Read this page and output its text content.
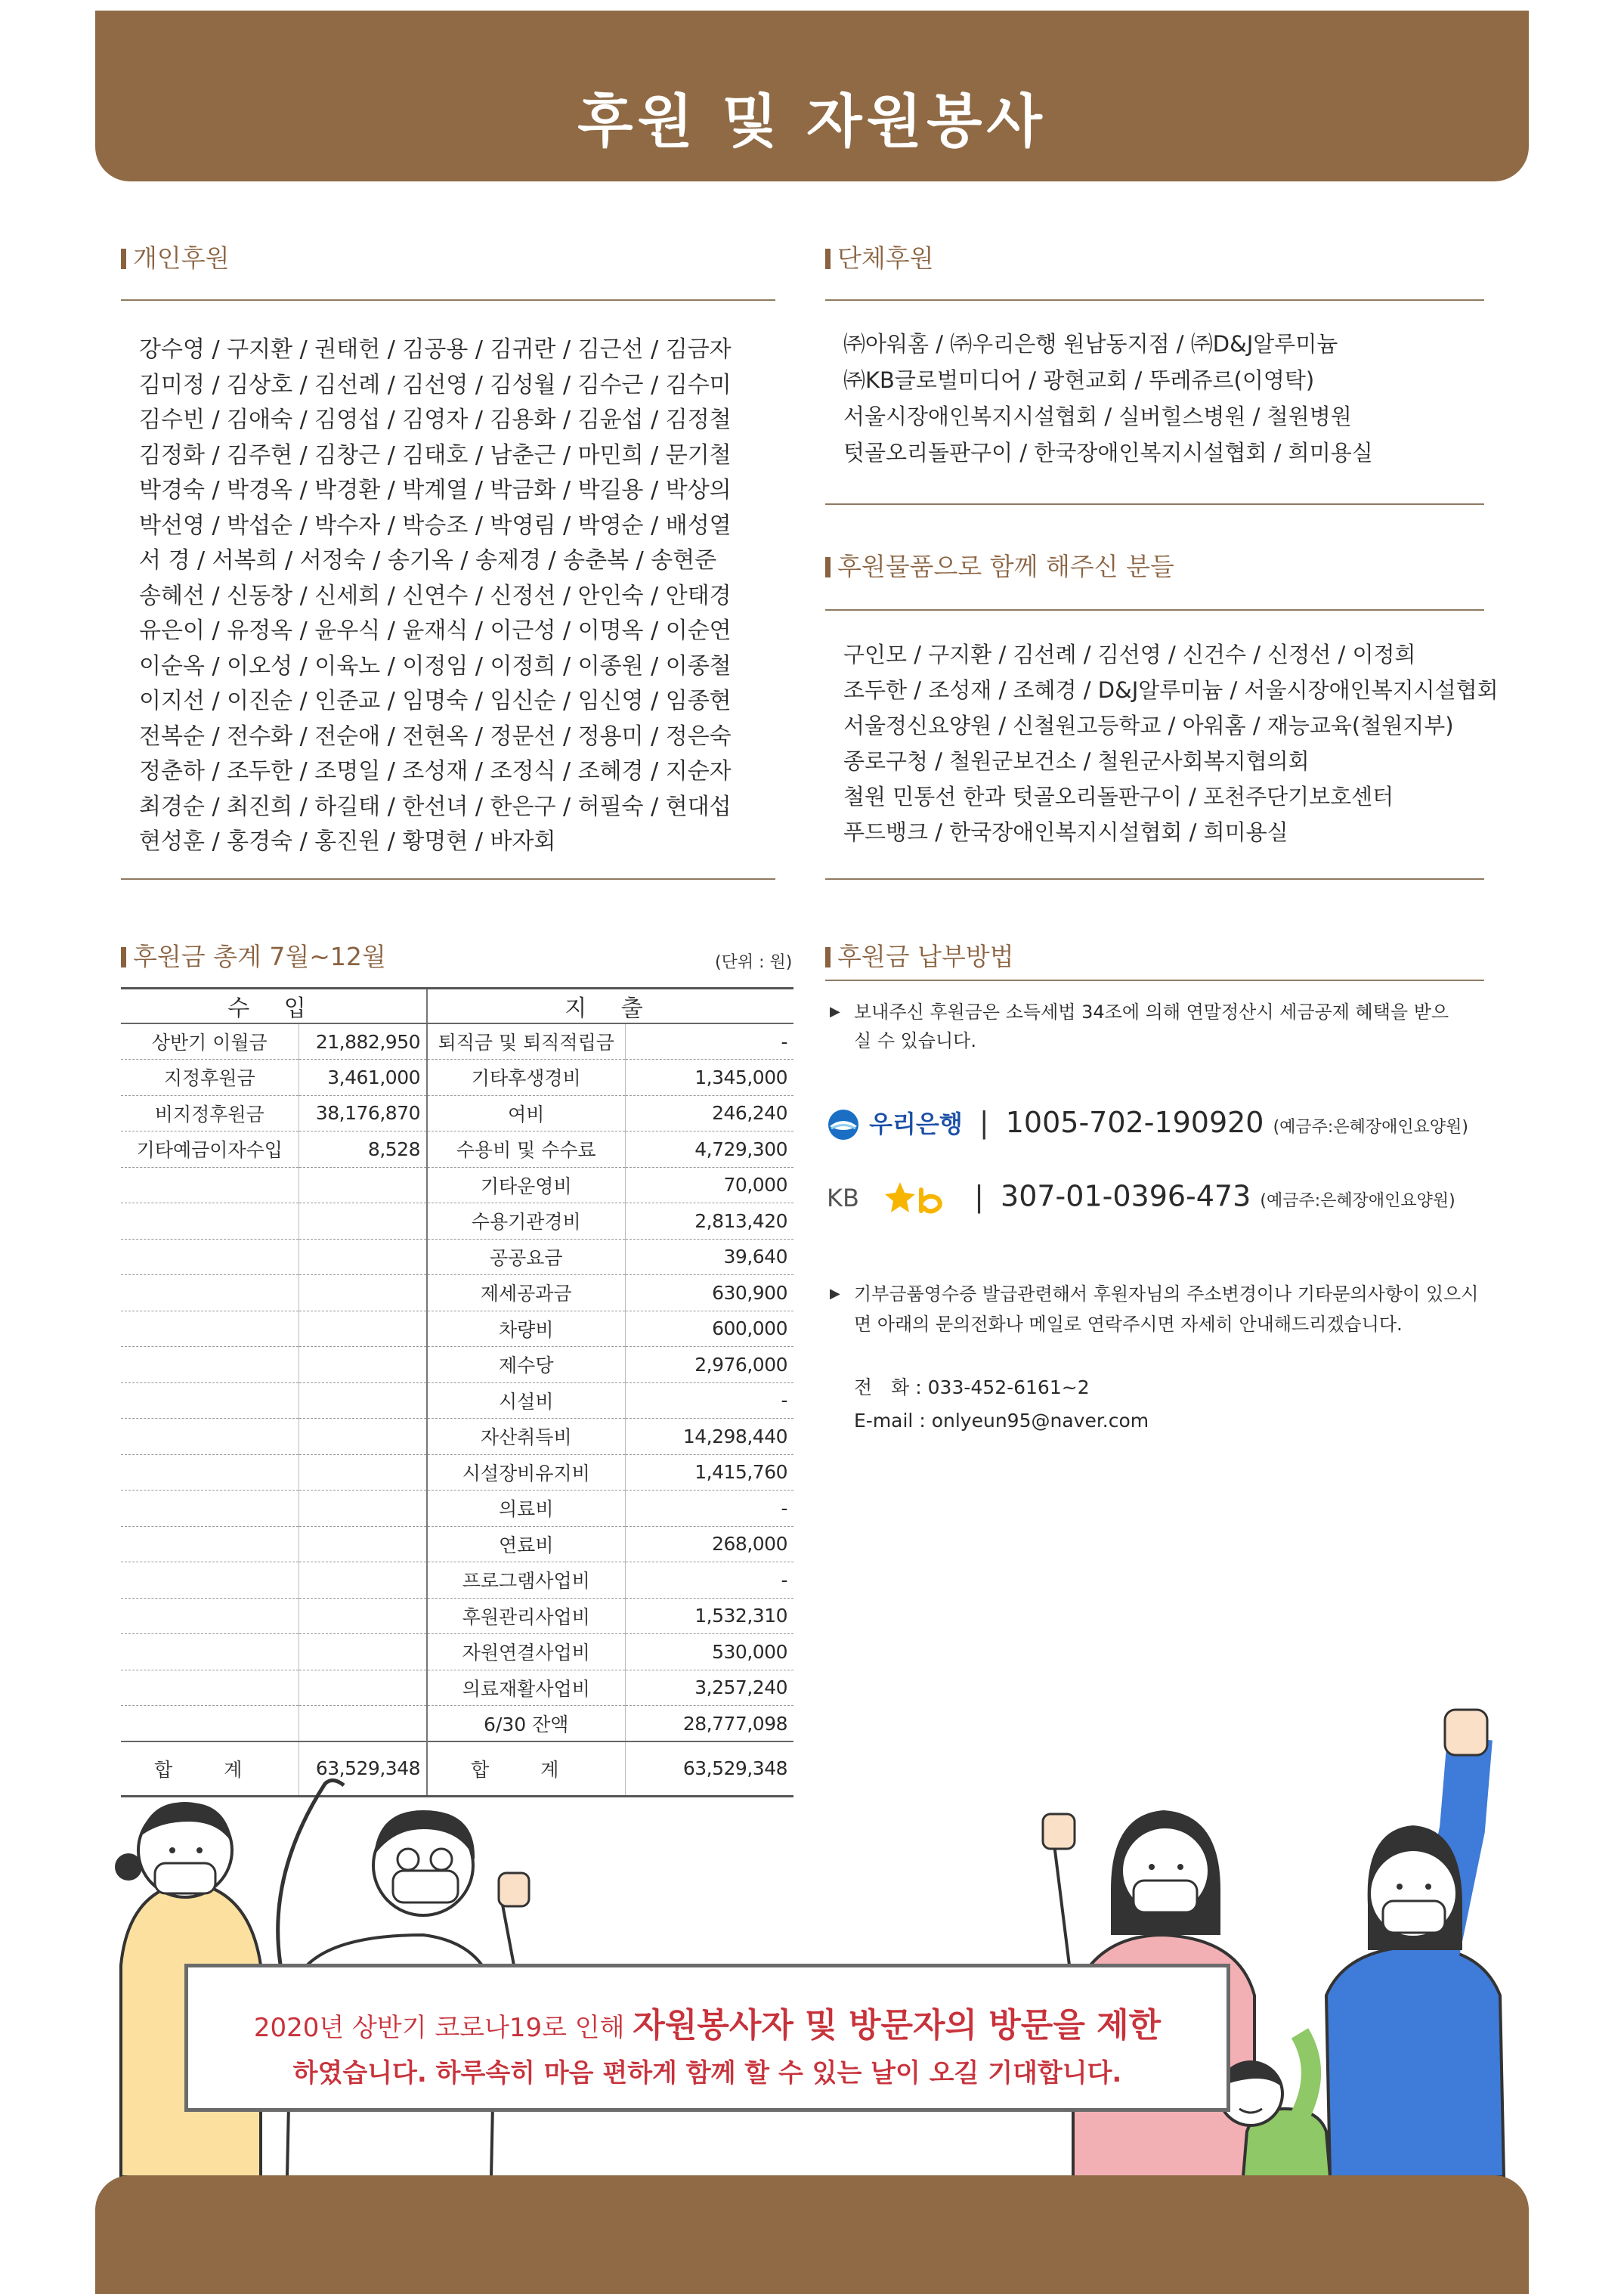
후원 및 자원봉사
개인후원
강수영 / 구지환 / 권태헌 / 김공용 / 김귀란 / 김근선 / 김금자
김미정 / 김상호 / 김선례 / 김선영 / 김성월 / 김수근 / 김수미
김수빈 / 김애숙 / 김영섭 / 김영자 / 김용화 / 김윤섭 / 김정철
김정화 / 김주현 / 김창근 / 김태호 / 남춘근 / 마민희 / 문기철
박경숙 / 박경옥 / 박경환 / 박계열 / 박금화 / 박길용 / 박상의
박선영 / 박섭순 / 박수자 / 박승조 / 박영림 / 박영순 / 배성열
서 경 / 서복희 / 서정숙 / 송기옥 / 송제경 / 송춘복 / 송현준
송혜선 / 신동창 / 신세희 / 신연수 / 신정선 / 안인숙 / 안태경
유은이 / 유정옥 / 윤우식 / 윤재식 / 이근성 / 이명옥 / 이순연
이순옥 / 이오성 / 이육노 / 이정임 / 이정희 / 이종원 / 이종철
이지선 / 이진순 / 인준교 / 임명숙 / 임신순 / 임신영 / 임종현
전복순 / 전수화 / 전순애 / 전현옥 / 정문선 / 정용미 / 정은숙
정춘하 / 조두한 / 조명일 / 조성재 / 조정식 / 조혜경 / 지순자
최경순 / 최진희 / 하길태 / 한선녀 / 한은구 / 허필숙 / 현대섭
현성훈 / 홍경숙 / 홍진원 / 황명현 / 바자회
단체후원
㈜아워홈 / ㈜우리은행 원남동지점 / ㈜D&J알루미늄
㈜KB글로벌미디어 / 광현교회 / 뚜레쥬르(이영탁)
서울시장애인복지시설협회 / 실버힐스병원 / 철원병원
텃골오리돌판구이 / 한국장애인복지시설협회 / 희미용실
후원물품으로 함께 해주신 분들
구인모 / 구지환 / 김선례 / 김선영 / 신건수 / 신정선 / 이정희
조두한 / 조성재 / 조혜경 / D&J알루미늄 / 서울시장애인복지시설협회
서울정신요양원 / 신철원고등학교 / 아워홈 / 재능교육(철원지부)
종로구청 / 철원군보건소 / 철원군사회복지협의회
철원 민통선 한과 텃골오리돌판구이 / 포천주단기보호센터
푸드뱅크 / 한국장애인복지시설협회 / 희미용실
후원금 총계 7월~12월	(단위 : 원)
수 입		지 출	
상반기 이월금	21,882,950	퇴직금 및 퇴직적립금	-
지정후원금	3,461,000	기타후생경비	1,345,000
비지정후원금	38,176,870	여비	246,240
기타예금이자수입	8,528	수용비 및 수수료	4,729,300
		기타운영비	70,000
		수용기관경비	2,813,420
		공공요금	39,640
		제세공과금	630,900
		차량비	600,000
		제수당	2,976,000
		시설비	-
		자산취득비	14,298,440
		시설장비유지비	1,415,760
		의료비	-
		연료비	268,000
		프로그램사업비	-
		후원관리사업비	1,532,310
		자원연결사업비	530,000
		의료재활사업비	3,257,240
		6/30 잔액	28,777,098
합 계	63,529,348	합 계	63,529,348
후원금 납부방법
▶ 보내주신 후원금은 소득세법 34조에 의해 연말정산시 세금공제 혜택을 받으실 수 있습니다.
우리은행 | 1005-702-190920 (예금주:은혜장애인요양원)
KB	| 307-01-0396-473 (예금주:은혜장애인요양원)
▶ 기부금품영수증 발급관련해서 후원자님의 주소변경이나 기타문의사항이 있으시면 아래의 문의전화나 메일로 연락주시면 자세히 안내해드리겠습니다.
전　화 : 033-452-6161~2
E-mail : onlyeun95@naver.com

2020년 상반기 코로나19로 인해 자원봉사자 및 방문자의 방문을 제한

하였습니다. 하루속히 마음 편하게 함께 할 수 있는 날이 오길 기대합니다.
